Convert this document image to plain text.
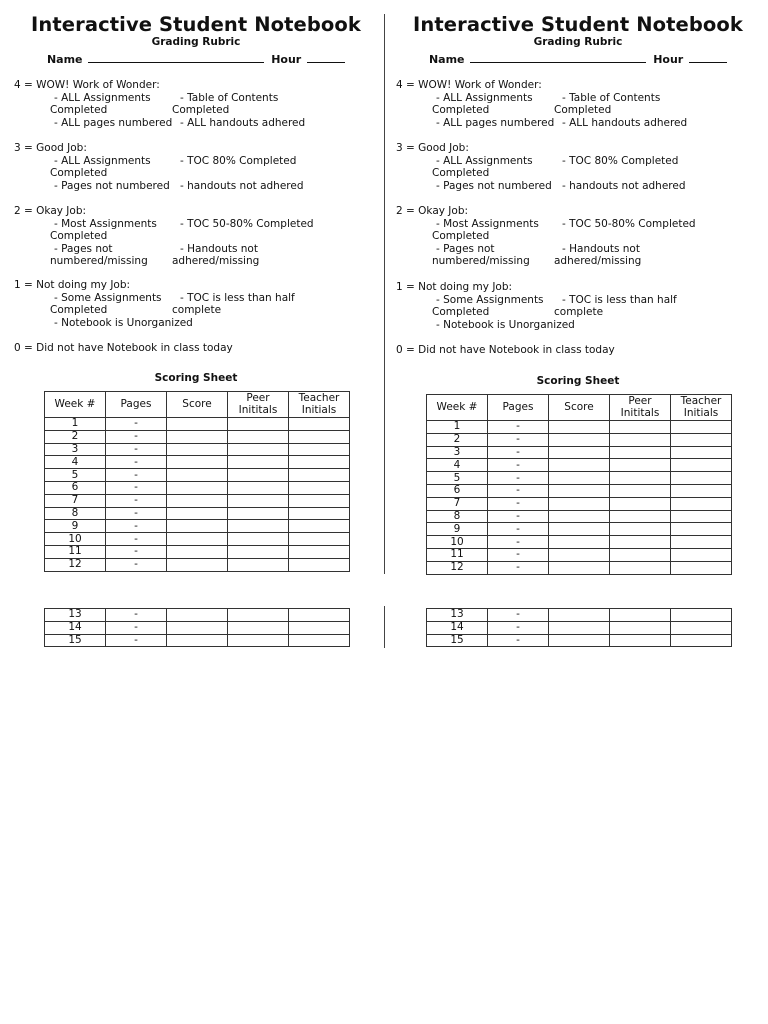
Interactive Student Notebook
Grading Rubric
Name	Hour
4 = WOW! Work of Wonder:
- ALL Assignments
Completed
- Table of Contents
Completed
- ALL pages numbered - ALL handouts adhered
3 = Good Job:
- ALL Assignments
Completed
- TOC 80% Completed
- Pages not numbered - handouts not adhered
2 = Okay Job:
- Most Assignments
Completed
- TOC 50-80% Completed
- Pages not
numbered/missing
- Handouts not
adhered/missing
1 = Not doing my Job:
- Some Assignments
Completed
- TOC is less than half
complete
- Notebook is Unorganized
0 = Did not have Notebook in class today
Scoring Sheet
Week #	Pages	Score	Peer Inititals	Teacher Initials
1	-			
2	-			
3	-			
4	-			
5	-			
6	-			
7	-			
8	-			
9	-			
10	-			
11	-			
12	-			
13	-			
14	-			
15	-			
Interactive Student Notebook
Grading Rubric
Name	Hour
4 = WOW! Work of Wonder:
- ALL Assignments
Completed
- Table of Contents
Completed
- ALL pages numbered - ALL handouts adhered
3 = Good Job:
- ALL Assignments
Completed
- TOC 80% Completed
- Pages not numbered - handouts not adhered
2 = Okay Job:
- Most Assignments
Completed
- TOC 50-80% Completed
- Pages not
numbered/missing
- Handouts not
adhered/missing
1 = Not doing my Job:
- Some Assignments
Completed
- TOC is less than half
complete
- Notebook is Unorganized
0 = Did not have Notebook in class today
Scoring Sheet
Week #	Pages	Score	Peer Inititals	Teacher Initials
1	-			
2	-			
3	-			
4	-			
5	-			
6	-			
7	-			
8	-			
9	-			
10	-			
11	-			
12	-			
13	-			
14	-			
15	-			
